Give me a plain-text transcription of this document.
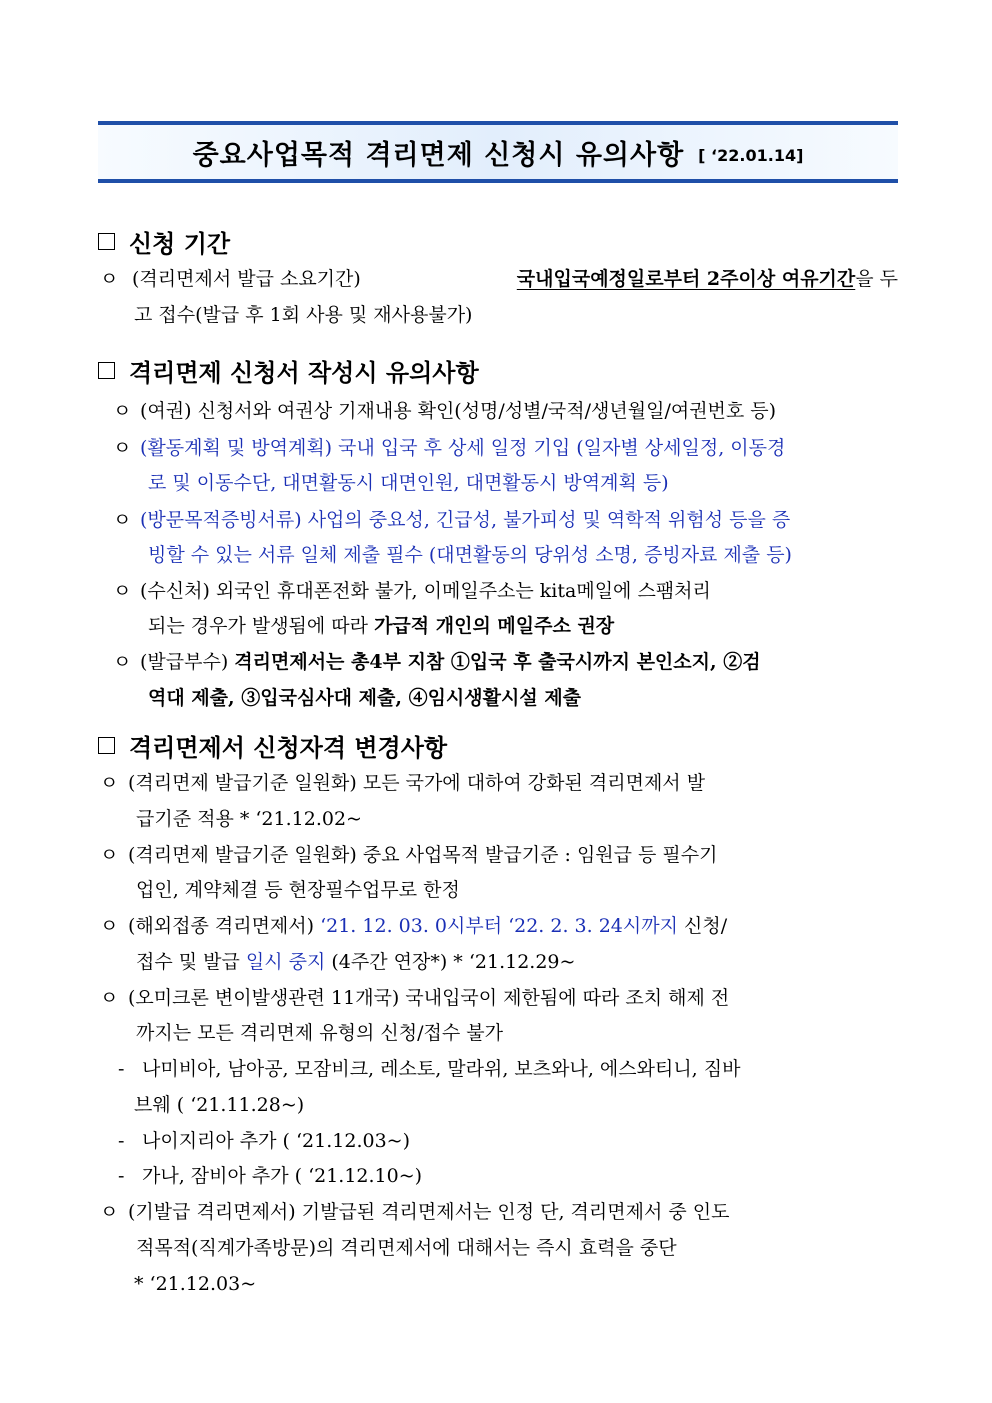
중요사업목적 격리면제 신청시 유의사항 [ ‘22.01.14]
신청 기간
ㅇ (격리면제서 발급 소요기간)	국내입국예정일로부터 2주이상 여유기간을 두
고 접수(발급 후 1회 사용 및 재사용불가)
격리면제 신청서 작성시 유의사항
ㅇ (여권) 신청서와 여권상 기재내용 확인(성명/성별/국적/생년월일/여권번호 등)
ㅇ (활동계획 및 방역계획) 국내 입국 후 상세 일정 기입 (일자별 상세일정, 이동경
로 및 이동수단, 대면활동시 대면인원, 대면활동시 방역계획 등)
ㅇ (방문목적증빙서류) 사업의 중요성, 긴급성, 불가피성 및 역학적 위험성 등을 증
빙할 수 있는 서류 일체 제출 필수 (대면활동의 당위성 소명, 증빙자료 제출 등)
ㅇ (수신처) 외국인 휴대폰전화 불가, 이메일주소는 kita메일에 스팸처리
되는 경우가 발생됨에 따라 가급적 개인의 메일주소 권장
ㅇ (발급부수) 격리면제서는 총4부 지참 ①입국 후 출국시까지 본인소지, ②검
역대 제출, ③입국심사대 제출, ④임시생활시설 제출
격리면제서 신청자격 변경사항
ㅇ (격리면제 발급기준 일원화) 모든 국가에 대하여 강화된 격리면제서 발
급기준 적용 * ‘21.12.02~
ㅇ (격리면제 발급기준 일원화) 중요 사업목적 발급기준 : 임원급 등 필수기
업인, 계약체결 등 현장필수업무로 한정
ㅇ (해외접종 격리면제서) ‘21. 12. 03. 0시부터 ‘22. 2. 3. 24시까지 신청/
접수 및 발급 일시 중지 (4주간 연장*) * ‘21.12.29~
ㅇ (오미크론 변이발생관련 11개국) 국내입국이 제한됨에 따라 조치 해제 전
까지는 모든 격리면제 유형의 신청/접수 불가
- 나미비아, 남아공, 모잠비크, 레소토, 말라위, 보츠와나, 에스와티니, 짐바
브웨 ( ‘21.11.28~)
- 나이지리아 추가 ( ‘21.12.03~)
- 가나, 잠비아 추가 ( ‘21.12.10~)
ㅇ (기발급 격리면제서) 기발급된 격리면제서는 인정 단, 격리면제서 중 인도
적목적(직계가족방문)의 격리면제서에 대해서는 즉시 효력을 중단
* ‘21.12.03~
